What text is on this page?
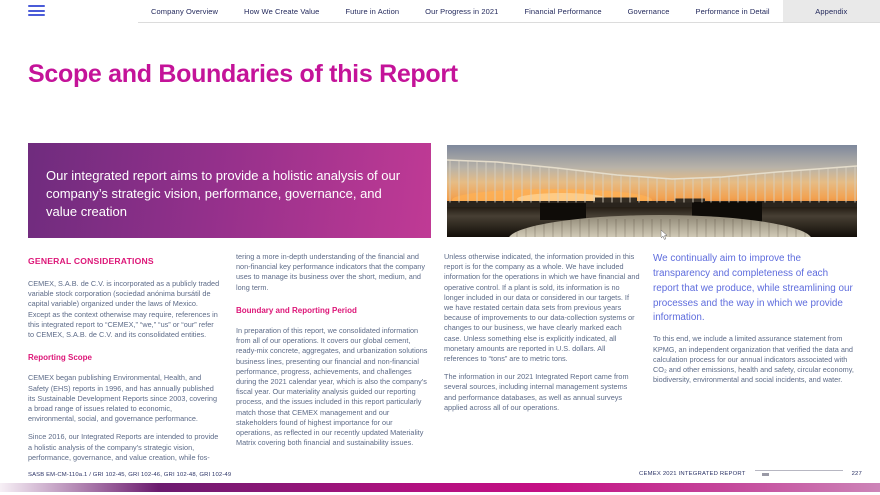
Company Overview	How We Create Value	Future in Action	Our Progress in 2021	Financial Performance	Governance	Performance in Detail	Appendix
Scope and Boundaries of this Report
Our integrated report aims to provide a holistic analysis of our company’s strategic vision, performance, governance, and value creation
GENERAL CONSIDERATIONS

CEMEX, S.A.B. de C.V. is incorporated as a publicly traded variable stock corporation (sociedad anónima bursátil de capital variable) organized under the laws of Mexico. Except as the context otherwise may require, references in this integrated report to “CEMEX,” “we,” “us” or “our” refer to CEMEX, S.A.B. de C.V. and its consolidated entities.

Reporting Scope

CEMEX began publishing Environmental, Health, and Safety (EHS) reports in 1996, and has annually published its Sustainable Development Reports since 2003, covering a broad range of issues related to economic, environmental, social, and governance performance.

Since 2016, our Integrated Reports are intended to provide a holistic analysis of the company’s strategic vision, performance, governance, and value creation, while fos-

tering a more in-depth understanding of the financial and non-financial key performance indicators that the company uses to manage its business over the short, medium, and long term.

Boundary and Reporting Period

In preparation of this report, we consolidated information from all of our operations. It covers our global cement, ready-mix concrete, aggregates, and urbanization solutions business lines, presenting our financial and non-financial performance, progress, achievements, and challenges during the 2021 calendar year, which is also the company’s fiscal year. Our materiality analysis guided our reporting process, and the issues included in this report particularly match those that CEMEX management and our stakeholders found of highest importance for our operations, as reflected in our recently updated Materiality Matrix covering both financial and sustainability issues.

Unless otherwise indicated, the information provided in this report is for the company as a whole. We have included information for the operations in which we have financial and operative control. If a plant is sold, its information is no longer included in our data or considered in our targets. If we have restated certain data sets from previous years because of improvements to our data-collection systems or changes to our business, we have clearly marked each case. Unless something else is explicitly indicated, all monetary amounts are reported in U.S. dollars. All references to “tons” are to metric tons.

The information in our 2021 Integrated Report came from several sources, including internal management systems and performance databases, as well as annual surveys applied across all of our operations.

We continually aim to improve the transparency and completeness of each report that we produce, while streamlining our processes and the way in which we provide information.

To this end, we include a limited assurance statement from KPMG, an independent organization that verified the data and calculation process for our annual indicators associated with CO₂ and other emissions, health and safety, circular economy, biodiversity, environmental and social incidents, and water.

SASB EM-CM-110a.1 / GRI 102-45, GRI 102-46, GRI 102-48, GRI 102-49	CEMEX 2021 INTEGRATED REPORT	227
